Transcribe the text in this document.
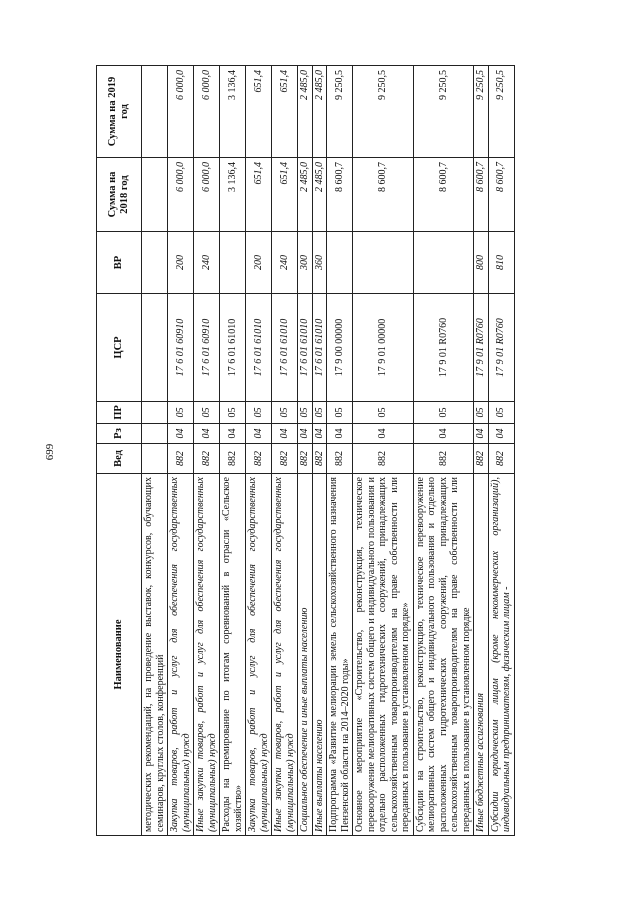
699
Наименование	Вед	Рз	ПР	ЦСР	ВР	Сумма на 2018 год	Сумма на 2019 год
методических рекомендаций, на проведение выставок, конкурсов, обучающих семинаров, круглых столов, конференций							
Закупка товаров, работ и услуг для обеспечения государственных (муниципальных) нужд	882	04	05	17 6 01 60910	200	6 000,0	6 000,0
Иные закупки товаров, работ и услуг для обеспечения государственных (муниципальных) нужд	882	04	05	17 6 01 60910	240	6 000,0	6 000,0
Расходы на премирование по итогам соревнований в отрасли «Сельское хозяйство»	882	04	05	17 6 01 61010		3 136,4	3 136,4
Закупка товаров, работ и услуг для обеспечения государственных (муниципальных) нужд	882	04	05	17 6 01 61010	200	651,4	651,4
Иные закупки товаров, работ и услуг для обеспечения государственных (муниципальных) нужд	882	04	05	17 6 01 61010	240	651,4	651,4
Социальное обеспечение и иные выплаты населению	882	04	05	17 6 01 61010	300	2 485,0	2 485,0
Иные выплаты населению	882	04	05	17 6 01 61010	360	2 485,0	2 485,0
Подпрограмма «Развитие мелиорации земель сельскохозяйственного назначения Пензенской области на 2014–2020 годы»	882	04	05	17 9 00 00000		8 600,7	9 250,5
Основное мероприятие «Строительство, реконструкция, техническое перевооружение мелиоративных систем общего и индивидуального пользования и отдельно расположенных гидротехнических сооружений, принадлежащих сельскохозяйственным товаропроизводителям на праве собственности или переданных в пользование в установленном порядке»	882	04	05	17 9 01 00000		8 600,7	9 250,5
Субсидии на строительство, реконструкцию, техническое перевооружение мелиоративных систем общего и индивидуального пользования и отдельно расположенных гидротехнических сооружений, принадлежащих сельскохозяйственным товаропроизводителям на праве собственности или переданных в пользование в установленном порядке	882	04	05	17 9 01 R0760		8 600,7	9 250,5
Иные бюджетные ассигнования	882	04	05	17 9 01 R0760	800	8 600,7	9 250,5
Субсидии юридическим лицам (кроме некоммерческих организаций), индивидуальным предпринимателям, физическим лицам -	882	04	05	17 9 01 R0760	810	8 600,7	9 250,5
